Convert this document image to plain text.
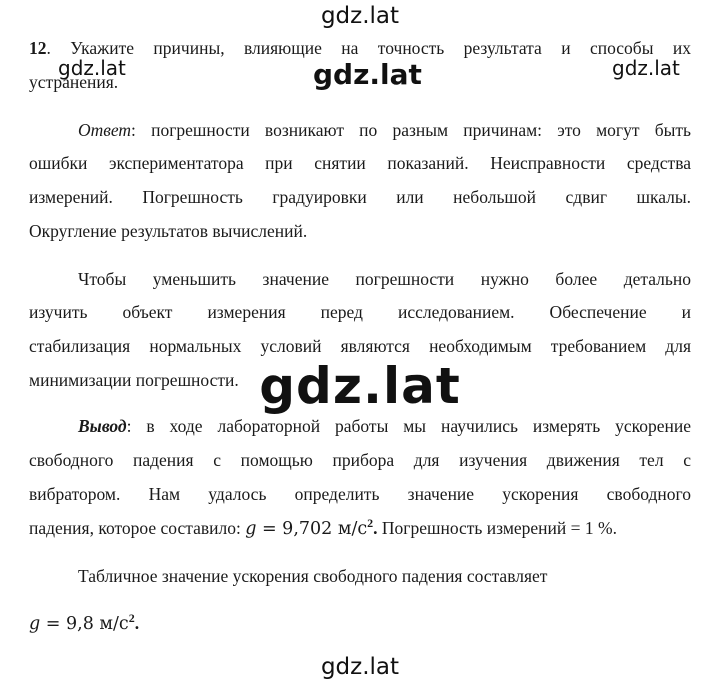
gdz.lat
gdz.lat	gdz.lat	gdz.lat
12. Укажите причины, влияющие на точность результата и способы их
устранения.
Ответ: погрешности возникают по разным причинам: это могут быть
ошибки экспериментатора при снятии показаний. Неисправности средства
измерений. Погрешность градуировки или небольшой сдвиг шкалы.
Округление результатов вычислений.
Чтобы уменьшить значение погрешности нужно более детально
изучить объект измерения перед исследованием. Обеспечение и
стабилизация нормальных условий являются необходимым требованием для
минимизации погрешности. gdz.lat
Вывод: в ходе лабораторной работы мы научились измерять ускорение
свободного падения с помощью прибора для изучения движения тел с
вибратором. Нам удалось определить значение ускорения свободного
падения, которое составило: g = 9,702 $м/с^2$. Погрешность измерений = 1 %.
Табличное значение ускорения свободного падения составляет
g = 9,8 $м/с^2$.
gdz.lat
